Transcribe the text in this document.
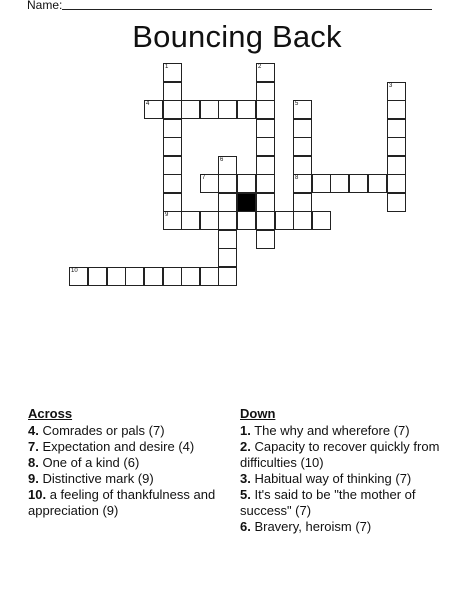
Name:
Bouncing Back
1	2
3
4	5
8
6
7
9
10
Across
4. Comrades or pals (7)
7. Expectation and desire (4)
8. One of a kind (6)
9. Distinctive mark (9)
10. a feeling of thankfulness and appreciation (9)
Down
1. The why and wherefore (7)
2. Capacity to recover quickly from difficulties (10)
3. Habitual way of thinking (7)
5. It's said to be "the mother of success" (7)
6. Bravery, heroism (7)
